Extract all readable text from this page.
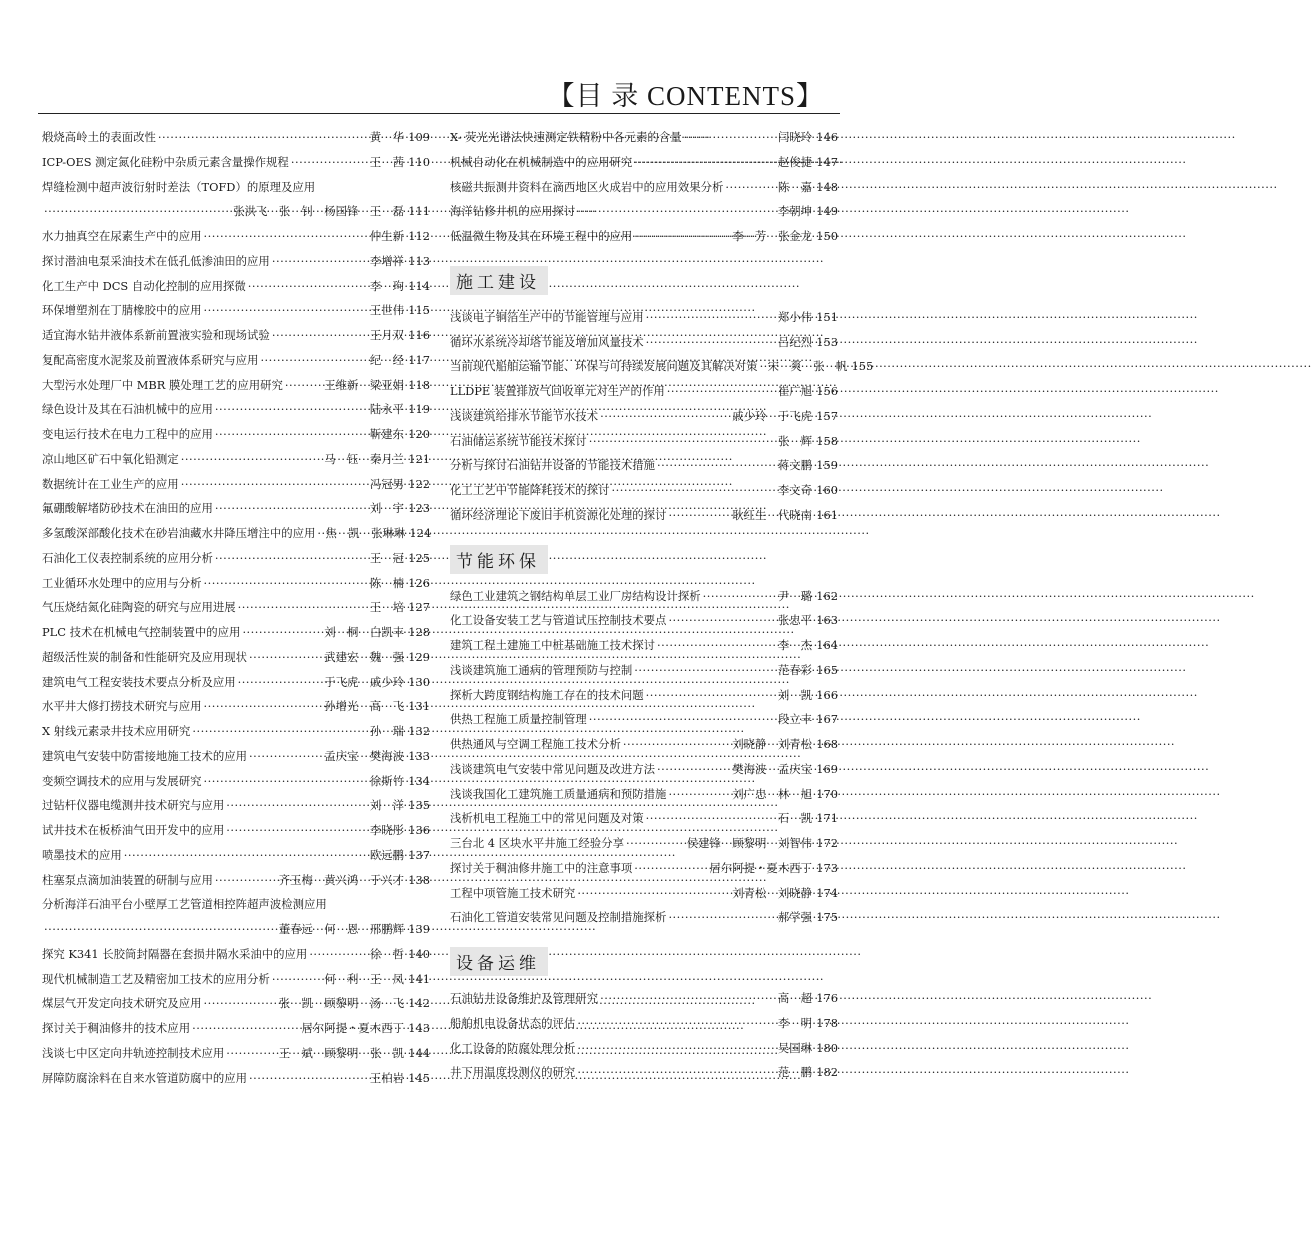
【目 录 CONTENTS】
煅烧高岭土的表面改性 ·····	黄　华 109
ICP-OES 测定氮化硅粉中杂质元素含量操作规程 ·····	王　茜 110
焊缝检测中超声波衍射时差法（TOFD）的原理及应用
·····
张洪飞　张　钊　杨国锋　王　磊 111
水力抽真空在尿素生产中的应用 ·····	仲生新 112
探讨潜油电泵采油技术在低孔低渗油田的应用 ·····	李增祥 113
化工生产中 DCS 自动化控制的应用探微 ·····	李　珣 114
环保增塑剂在丁腈橡胶中的应用 ·····	王世伟 115
适宜海水钻井液体系新前置液实验和现场试验 ·····	王月双 116
复配高密度水泥浆及前置液体系研究与应用 ·····	纪　经 117
大型污水处理厂中 MBR 膜处理工艺的应用研究 ·····	王维新　梁亚娟 118
绿色设计及其在石油机械中的应用 ·····	陆永平 119
变电运行技术在电力工程中的应用 ·····	靳建东 120
凉山地区矿石中氧化铅测定 ·····	马　钰　秦月兰 121
数据统计在工业生产的应用 ·····	冯冠男 122
氟硼酸解堵防砂技术在油田的应用 ·····	刘　宇 123
多氢酸深部酸化技术在砂岩油藏水井降压增注中的应用 ····· 焦　凯　张琳琳 124
石油化工仪表控制系统的应用分析 ·····	王　冠 125
工业循环水处理中的应用与分析 ·····	陈　楠 126
气压烧结氮化硅陶瓷的研究与应用进展 ·····	王　培 127
PLC 技术在机械电气控制装置中的应用 ·····	刘　桐　白凯丰 128
超级活性炭的制备和性能研究及应用现状 ·····	武建宏　魏　强 129
建筑电气工程安装技术要点分析及应用 ·····	于飞虎　戚少玲 130
水平井大修打捞技术研究与应用 ·····	孙增光　高　飞 131
X 射线元素录井技术应用研究 ·····	孙　瑞 132
建筑电气安装中防雷接地施工技术的应用 ·····	孟庆宝　樊海波 133
变频空调技术的应用与发展研究 ·····	徐斯竹 134
过钻杆仪器电缆测井技术研究与应用 ·····	刘　洋 135
试井技术在板桥油气田开发中的应用 ·····	李晓彤 136
喷墨技术的应用 ·····	欧远鹏 137
柱塞泵点滴加油装置的研制与应用 ·····	齐玉梅　黄兴鸿　于兴才 138
分析海洋石油平台小壁厚工艺管道相控阵超声波检测应用
·····
董春远　何　恩　邢鹏辉 139
探究 K341 长胶筒封隔器在套损井隔水采油中的应用 ·····	徐　哲 140
现代机械制造工艺及精密加工技术的应用分析 ·····	何　利　王　凤 141
煤层气开发定向技术研究及应用 ·····	张　凯　顾黎明　汤　飞 142
探讨关于稠油修井的技术应用 ·····	居尔阿提・夏木西丁 143
浅谈七中区定向井轨迹控制技术应用 ·····	王　斌　顾黎明　张　凯 144
屏障防腐涂料在自来水管道防腐中的应用 ·····	王柏岩 145
X- 荧光光谱法快速测定铁精粉中各元素的含量 ·····	闫晓玲 146
机械自动化在机械制造中的应用研究 ·····	赵俊捷 147
核磁共振测井资料在滴西地区火成岩中的应用效果分析 ·····	陈　嘉 148
海洋钻修井机的应用探讨 ·····	李朝坤 149
低温微生物及其在环境工程中的应用 ·····	李　芳　张金龙 150
施工建设
浅谈电子铜箔生产中的节能管理与应用 ·····	郑小伟 151
循环水系统冷却塔节能及增加风量技术 ·····	吕纪烈 153
当前现代船舶运输节能、环保与可持续发展问题及其解决对策 ····· 宋　爽　张　帆 155
LLDPE 装置排放气回收单元对生产的作用 ·····	崔广旭 156
浅谈建筑给排水节能节水技术 ·····	戚少玲　于飞虎 157
石油储运系统节能技术探讨 ·····	张　辉 158
分析与探讨石油钻井设备的节能技术措施 ·····	蒋文鹏 159
化工工艺中节能降耗技术的探讨 ·····	李文奇 160
循环经济理论下废旧手机资源化处理的探讨 ·····	耿红生　代晓南 161
节能环保
绿色工业建筑之钢结构单层工业厂房结构设计探析 ·····	尹　璐 162
化工设备安装工艺与管道试压控制技术要点 ·····	张忠平 163
建筑工程土建施工中桩基础施工技术探讨 ·····	李　杰 164
浅谈建筑施工通病的管理预防与控制 ·····	范春彩 165
探析大跨度钢结构施工存在的技术问题 ·····	刘　凯 166
供热工程施工质量控制管理 ·····	段立丰 167
供热通风与空调工程施工技术分析 ·····	刘晓静　刘青松 168
浅谈建筑电气安装中常见问题及改进方法 ·····	樊海波　孟庆宝 169
浅谈我国化工建筑施工质量通病和预防措施 ·····	刘广忠　林　旭 170
浅析机电工程施工中的常见问题及对策 ·····	石　凯 171
三台北 4 区块水平井施工经验分享 ·····	侯建锋　顾黎明　刘智伟 172
探讨关于稠油修井施工中的注意事项 ·····	居尔阿提・夏木西丁 173
工程中项管施工技术研究 ·····	刘青松　刘晓静 174
石油化工管道安装常见问题及控制措施探析 ·····	郝学强 175
设备运维
石油钻井设备维护及管理研究 ·····	高　超 176
船舶机电设备状态的评估 ·····	李　明 178
化工设备的防腐处理分析 ·····	吴国琳 180
井下用温度投测仪的研究 ·····	范　鹏 182
